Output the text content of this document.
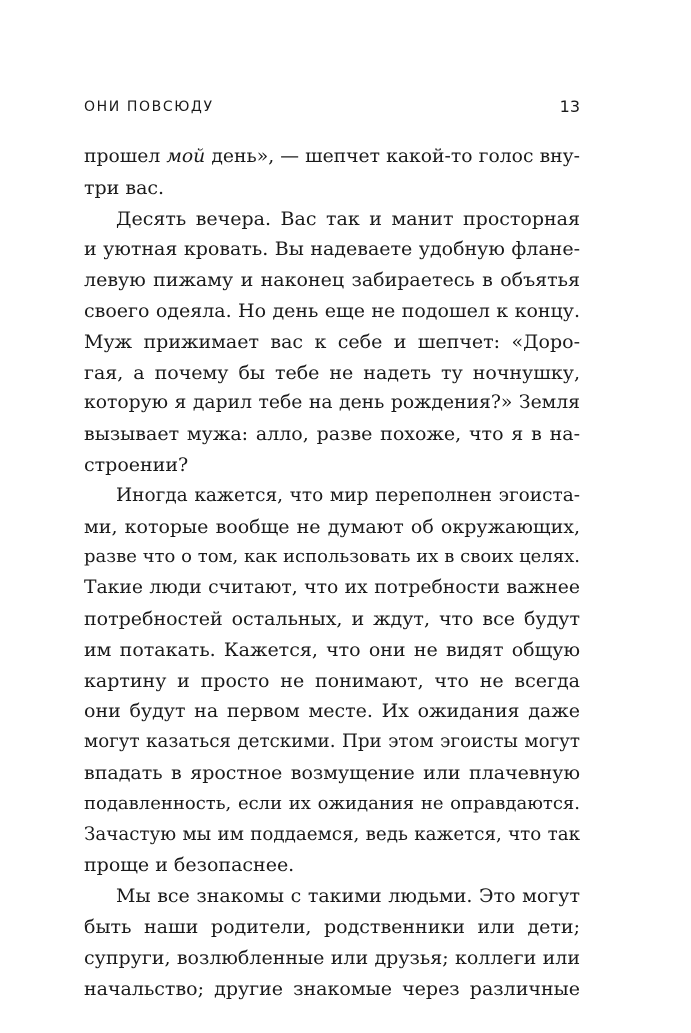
ОНИ ПОВСЮДУ	13
прошел мой день», — шепчет какой-то голос вну-
три вас.
Десять вечера. Вас так и манит просторная
и уютная кровать. Вы надеваете удобную флане-
левую пижаму и наконец забираетесь в объятья
своего одеяла. Но день еще не подошел к концу.
Муж прижимает вас к себе и шепчет: «Доро-
гая, а почему бы тебе не надеть ту ночнушку,
которую я дарил тебе на день рождения?» Земля
вызывает мужа: алло, разве похоже, что я в на-
строении?
Иногда кажется, что мир переполнен эгоиста-
ми, которые вообще не думают об окружающих,
разве что о том, как использовать их в своих целях.
Такие люди считают, что их потребности важнее
потребностей остальных, и ждут, что все будут
им потакать. Кажется, что они не видят общую
картину и просто не понимают, что не всегда
они будут на первом месте. Их ожидания даже
могут казаться детскими. При этом эгоисты могут
впадать в яростное возмущение или плачевную
подавленность, если их ожидания не оправдаются.
Зачастую мы им поддаемся, ведь кажется, что так
проще и безопаснее.
Мы все знакомы с такими людьми. Это могут
быть наши родители, родственники или дети;
супруги, возлюбленные или друзья; коллеги или
начальство; другие знакомые через различные
